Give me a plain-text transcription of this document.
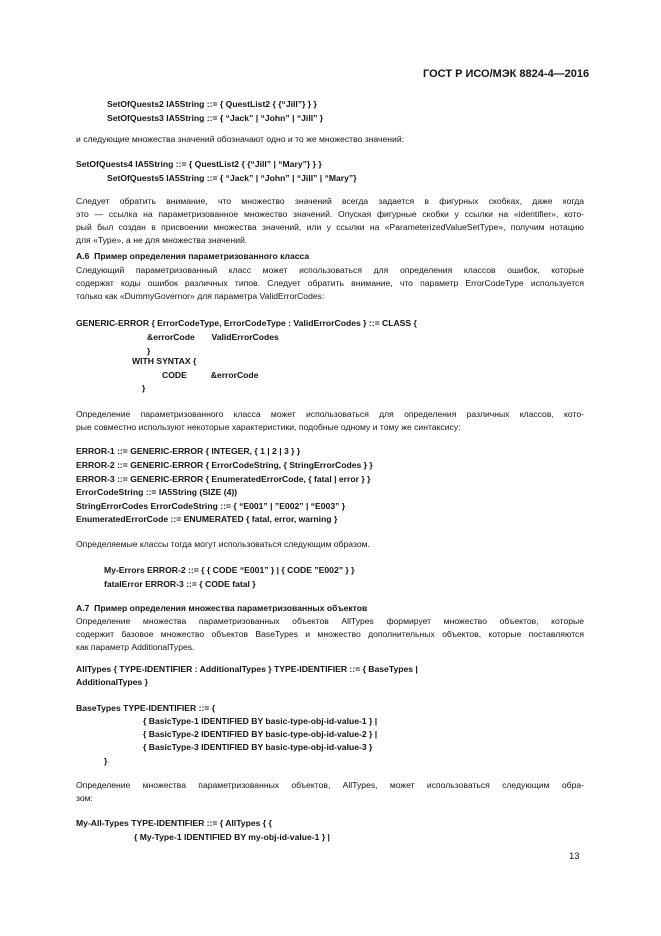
ГОСТ Р ИСО/МЭК 8824-4—2016
SetOfQuests2 IA5String ::= { QuestList2 { {“Jill”} } }
SetOfQuests3 IA5String ::= { “Jack” | “John” | “Jill” }
и следующие множества значений обозначают одно и то же множество значений:
SetOfQuests4 IA5String ::= { QuestList2 { {“Jill” | “Mary”} } }
SetOfQuests5 IA5String ::= { “Jack” | “John” | “Jill” | “Mary”}
Следует обратить внимание, что множество значений всегда задается в фигурных скобках, даже когда
это — ссылка на параметризованное множество значений. Опуская фигурные скобки у ссылки на «identifier», кото-
рый был создан в присвоении множества значений, или у ссылки на «ParameterizedValueSetType», получим нотацию
для «Type», а не для множества значений.
А.6  Пример определения параметризованного класса
Следующий параметризованный класс может использоваться для определения классов ошибок, которые
содержат коды ошибок различных типов. Следует обратить внимание, что параметр ErrorCodeType используется
только как «DummyGovernor» для параметра ValidErrorCodes:
GENERIC-ERROR { ErrorCodeType, ErrorCodeType : ValidErrorCodes } ::= CLASS {
&errorCode       ValidErrorCodes
}
WITH SYNTAX {
CODE          &errorCode
}
Определение параметризованного класса может использоваться для определения различных классов, кото-
рые совместно используют некоторые характеристики, подобные одному и тому же синтаксису:
ERROR-1 ::= GENERIC-ERROR { INTEGER, { 1 | 2 | 3 } }
ERROR-2 ::= GENERIC-ERROR { ErrorCodeString, { StringErrorCodes } }
ERROR-3 ::= GENERIC-ERROR { EnumeratedErrorCode, { fatal | error } }
ErrorCodeString ::= IA5String (SIZE (4))
StringErrorCodes ErrorCodeString ::= { “E001” | ”E002” | “E003” }
EnumeratedErrorCode ::= ENUMERATED { fatal, error, warning }
Определяемые классы тогда могут использоваться следующим образом.
My-Errors ERROR-2 ::= { { CODE “E001” } | { CODE ”E002” } }
fatalError ERROR-3 ::= { CODE fatal }
А.7  Пример определения множества параметризованных объектов
Определение множества параметризованных объектов AllTypes формирует множество объектов, которые
содержит базовое множество объектов BaseTypes и множество дополнительных объектов, которые поставляются
как параметр AdditionalTypes.
AllTypes { TYPE-IDENTIFIER : AdditionalTypes } TYPE-IDENTIFIER ::= { BaseTypes |
AdditionalTypes }
BaseTypes TYPE-IDENTIFIER ::= {
{ BasicType-1 IDENTIFIED BY basic-type-obj-id-value-1 } |
{ BasicType-2 IDENTIFIED BY basic-type-obj-id-value-2 } |
{ BasicType-3 IDENTIFIED BY basic-type-obj-id-value-3 }
}
Определение множества параметризованных объектов, AllTypes, может использоваться следующим обра-
зом:
My-All-Types TYPE-IDENTIFIER ::= { AllTypes { {
{ My-Type-1 IDENTIFIED BY my-obj-id-value-1 } |
13
